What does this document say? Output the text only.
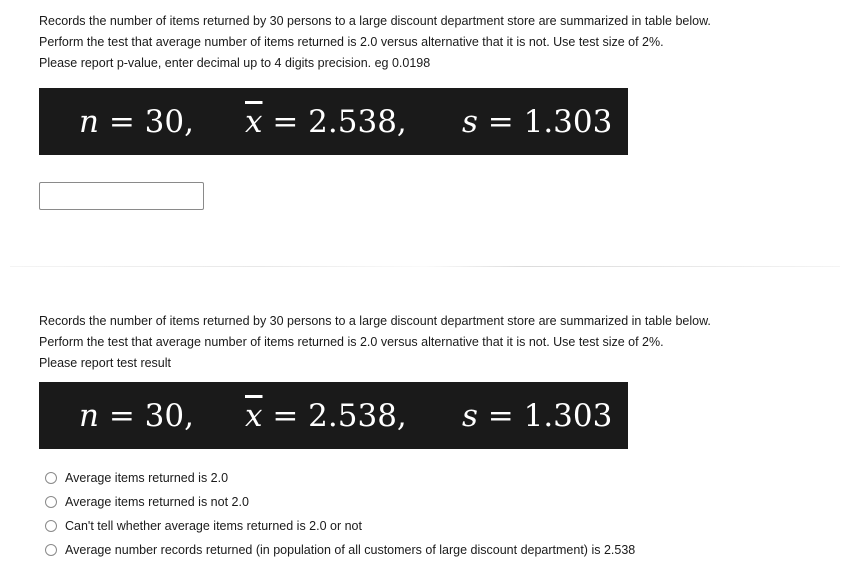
Records the number of items returned by 30 persons to a large discount department store are summarized in table below.

Perform the test that average number of items returned is 2.0 versus alternative that it is not. Use test size of 2%.

Please report p-value, enter decimal up to 4 digits precision. eg 0.0198

n = 30, $\overline{x} = 2.538$, s = 1.303

Records the number of items returned by 30 persons to a large discount department store are summarized in table below.

Perform the test that average number of items returned is 2.0 versus alternative that it is not. Use test size of 2%.

Please report test result

n = 30, $\overline{x} = 2.538$, s = 1.303
Average items returned is 2.0
Average items returned is not 2.0
Can't tell whether average items returned is 2.0 or not
Average number records returned (in population of all customers of large discount department) is 2.538
